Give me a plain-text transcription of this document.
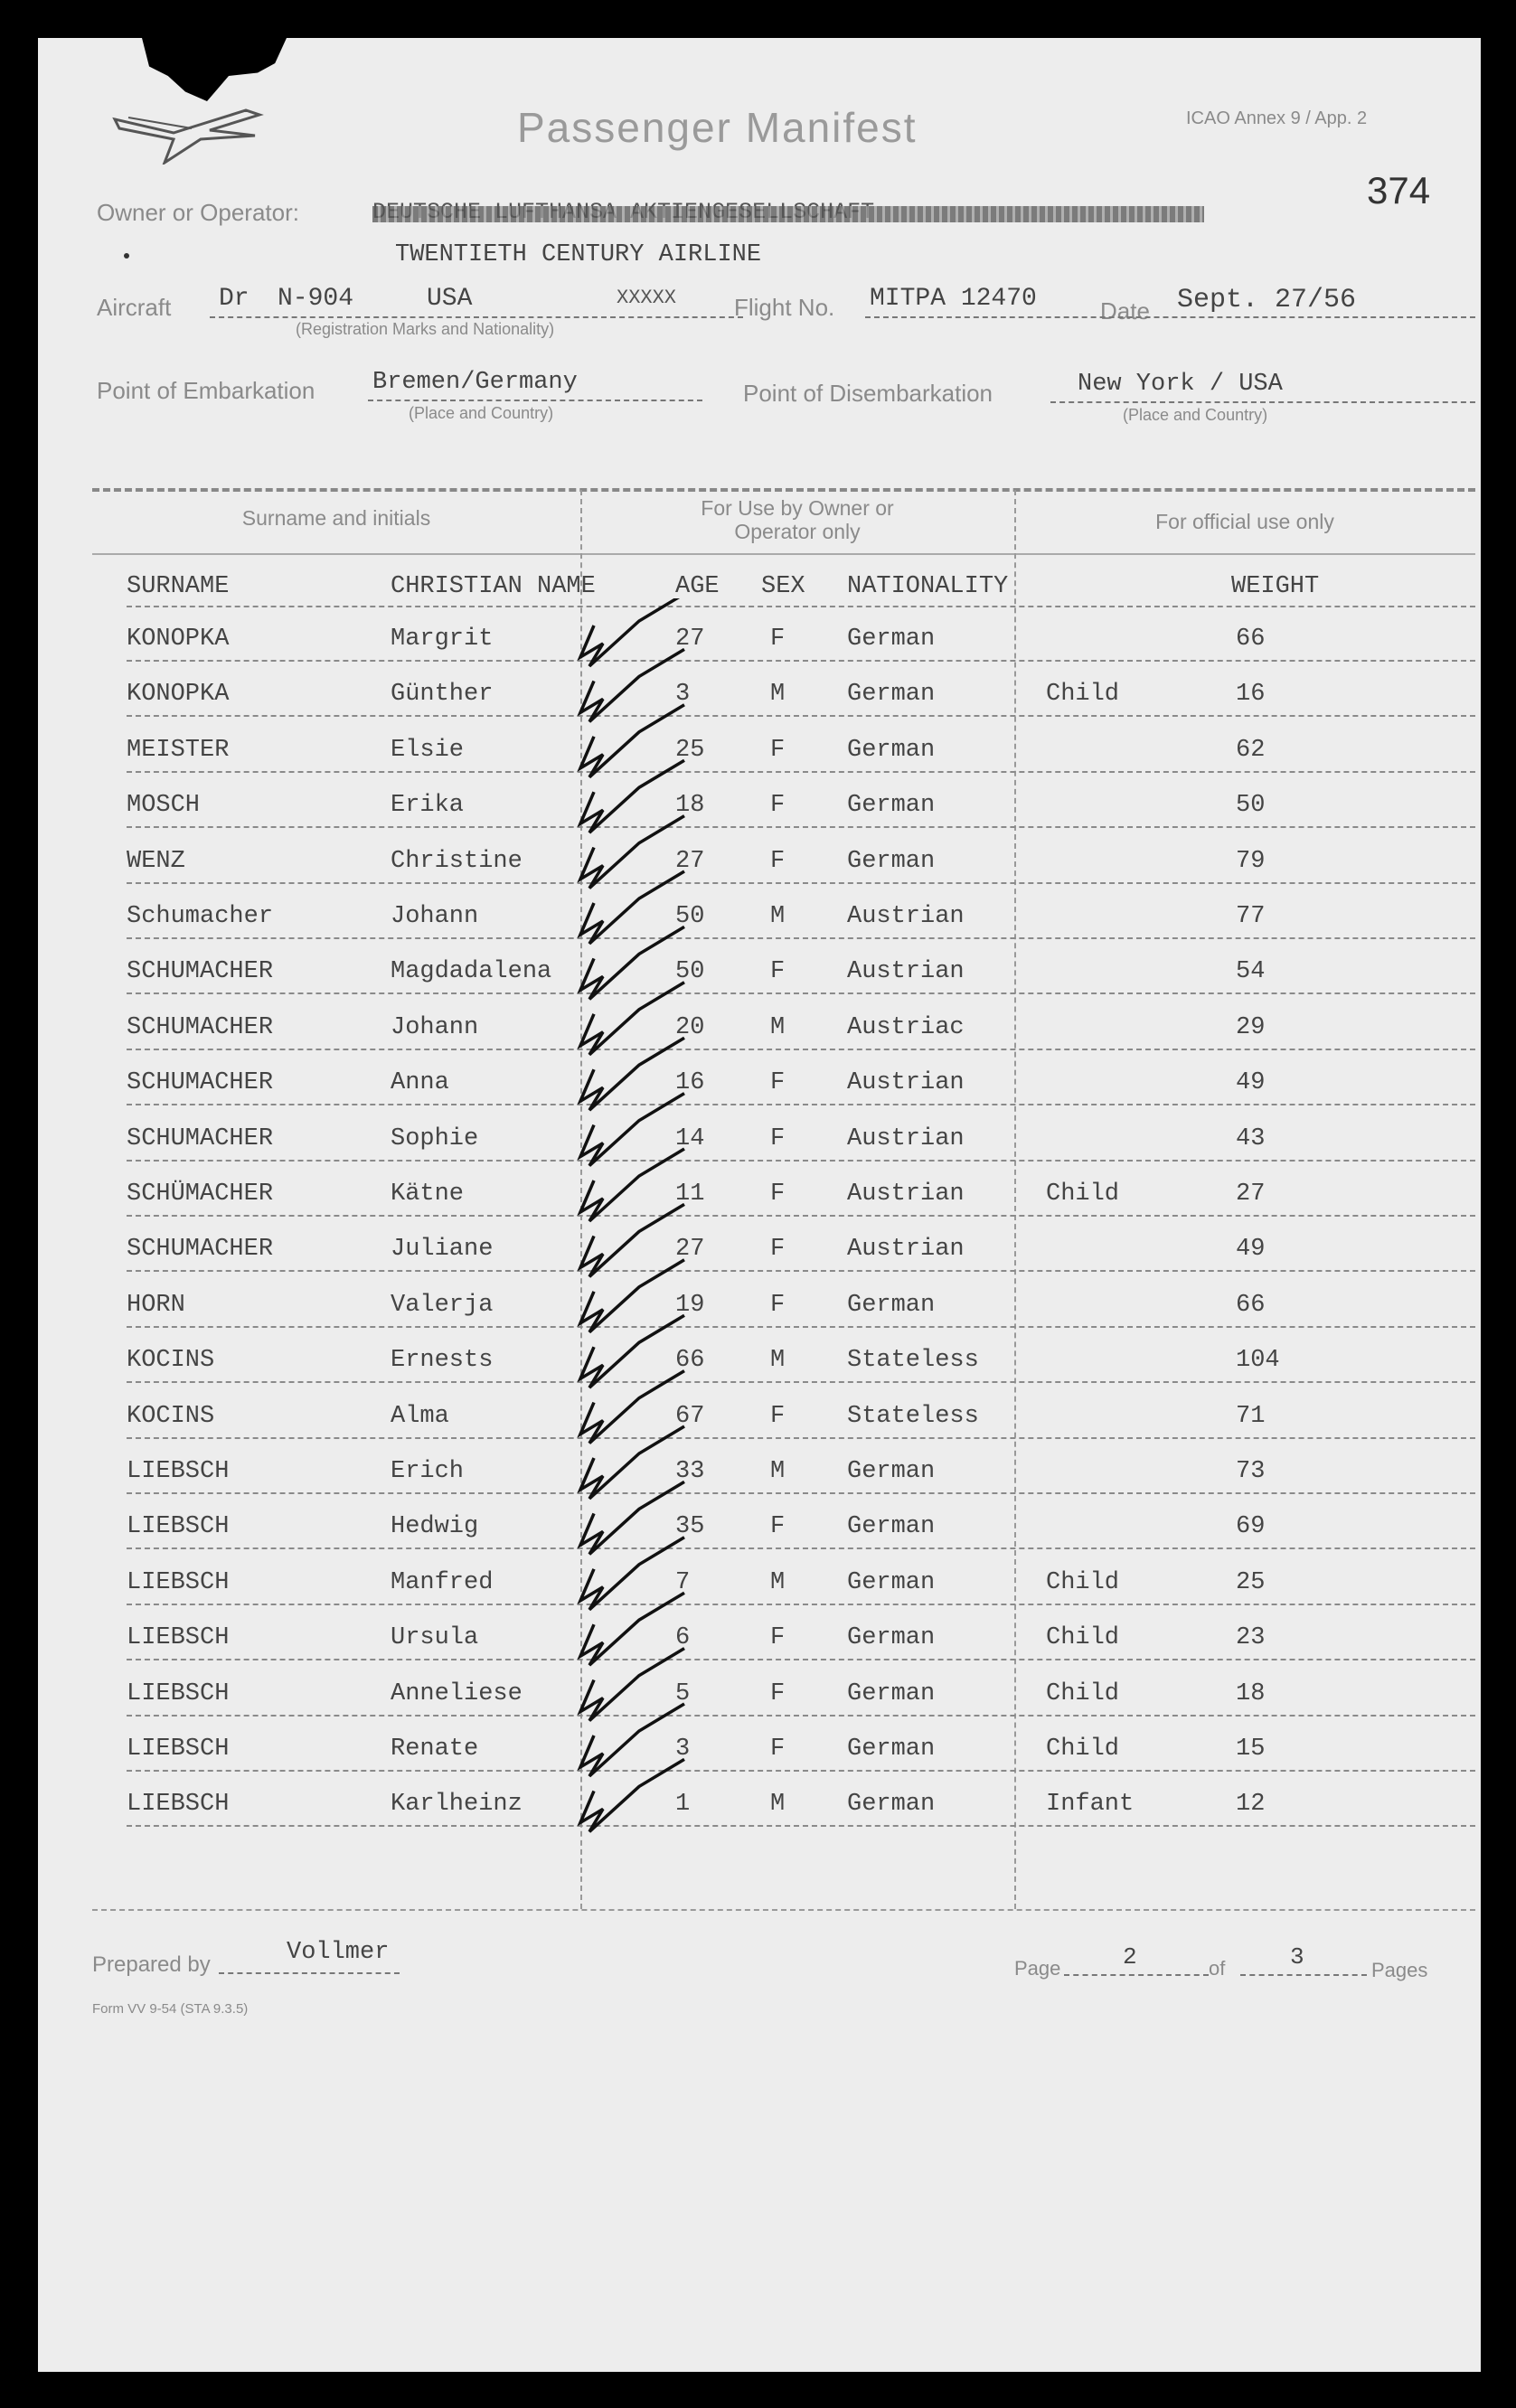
Passenger Manifest	ICAO Annex 9 / App. 2
374
Owner or Operator:
TWENTIETH CENTURY AIRLINE
Aircraft Dr N-904	USA	XXXXX
(Registration Marks and Nationality)
Flight No. MITPA 12470	Date Sept. 27/56
Point of Embarkation Bremen/Germany
(Place and Country)
Point of Disembarkation	New York / USA
(Place and Country)
Surname and initials	For Use by Owner or Operator only	For official use only
SURNAME	CHRISTIAN NAME	AGE SEX NATIONALITY	WEIGHT
KONOPKA	Margrit	27	F	German	66
KONOPKA	Günther	3	M	German	Child	16
MEISTER	Elsie	25	F	German	62
MOSCH	Erika	18	F	German	50
WENZ	Christine	27	F	German	79
Schumacher	Johann	50	M	Austrian	77
SCHUMACHER	Magdadalena	50	F	Austrian	54
SCHUMACHER	Johann	20	M	Austriac	29
SCHUMACHER	Anna	16	F	Austrian	49
SCHUMACHER	Sophie	14	F	Austrian	43
SCHÜMACHER	Kätne	11	F	Austrian	Child	27
SCHUMACHER	Juliane	27	F	Austrian	49
HORN	Valerja	19	F	German	66
KOCINS	Ernests	66	M	Stateless	104
KOCINS	Alma	67	F	Stateless	71
LIEBSCH	Erich	33	M	German	73
LIEBSCH	Hedwig	35	F	German	69
LIEBSCH	Manfred	7	M	German	Child	25
LIEBSCH	Ursula	6	F	German	Child	23
LIEBSCH	Anneliese	5	F	German	Child	18
LIEBSCH	Renate	3	F	German	Child	15
LIEBSCH	Karlheinz	1	M	German	Infant	12
Prepared by	Vollmer
Page	2	of	3	Pages
Form VV 9-54 (STA 9.3.5)
